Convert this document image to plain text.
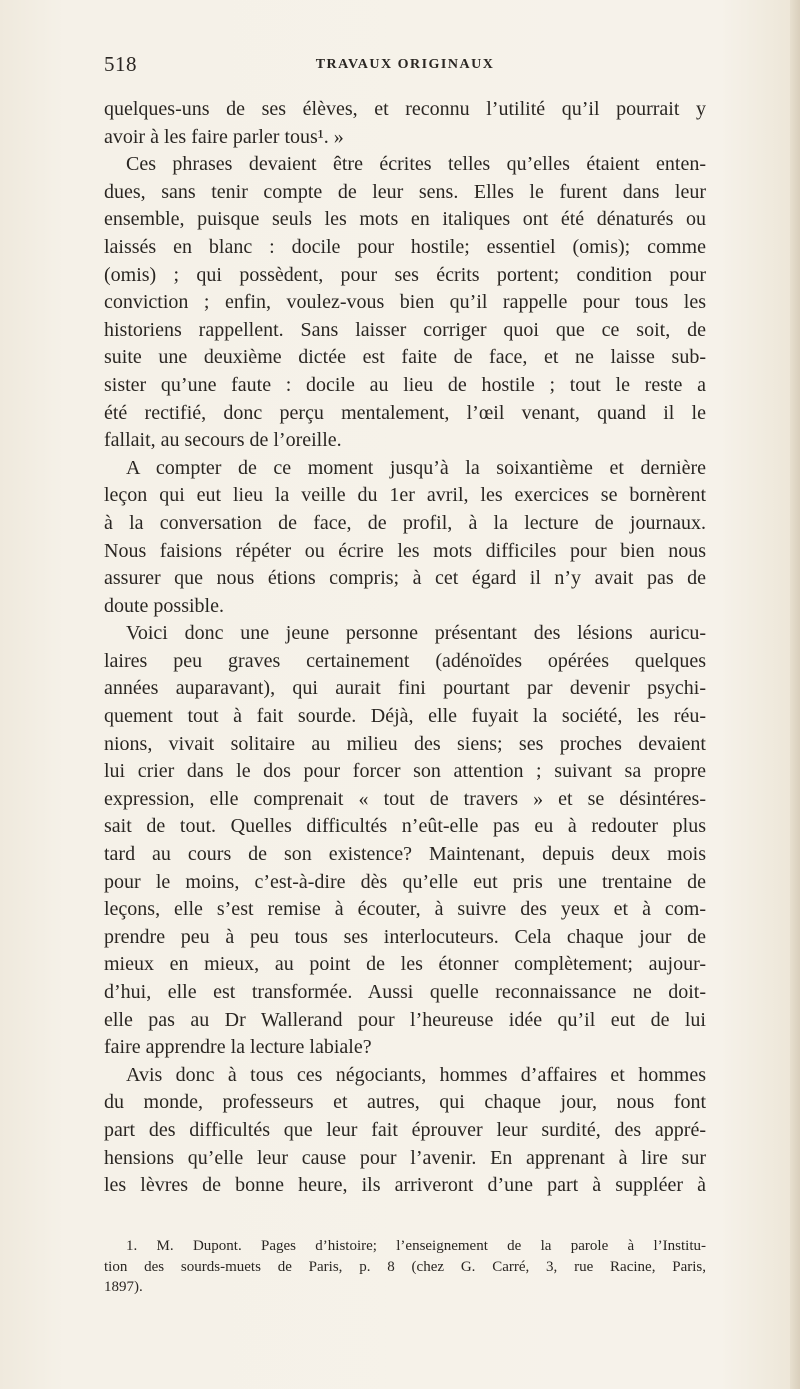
518	TRAVAUX ORIGINAUX
quelques-uns de ses élèves, et reconnu l’utilité qu’il pourrait y
avoir à les faire parler tous¹. »
Ces phrases devaient être écrites telles qu’elles étaient enten-
dues, sans tenir compte de leur sens. Elles le furent dans leur
ensemble, puisque seuls les mots en italiques ont été dénaturés ou
laissés en blanc : docile pour hostile; essentiel (omis); comme
(omis) ; qui possèdent, pour ses écrits portent; condition pour
conviction ; enfin, voulez-vous bien qu’il rappelle pour tous les
historiens rappellent. Sans laisser corriger quoi que ce soit, de
suite une deuxième dictée est faite de face, et ne laisse sub-
sister qu’une faute : docile au lieu de hostile ; tout le reste a
été rectifié, donc perçu mentalement, l’œil venant, quand il le
fallait, au secours de l’oreille.
A compter de ce moment jusqu’à la soixantième et dernière
leçon qui eut lieu la veille du 1er avril, les exercices se bornèrent
à la conversation de face, de profil, à la lecture de journaux.
Nous faisions répéter ou écrire les mots difficiles pour bien nous
assurer que nous étions compris; à cet égard il n’y avait pas de
doute possible.
Voici donc une jeune personne présentant des lésions auricu-
laires peu graves certainement (adénoïdes opérées quelques
années auparavant), qui aurait fini pourtant par devenir psychi-
quement tout à fait sourde. Déjà, elle fuyait la société, les réu-
nions, vivait solitaire au milieu des siens; ses proches devaient
lui crier dans le dos pour forcer son attention ; suivant sa propre
expression, elle comprenait « tout de travers » et se désintéres-
sait de tout. Quelles difficultés n’eût-elle pas eu à redouter plus
tard au cours de son existence? Maintenant, depuis deux mois
pour le moins, c’est-à-dire dès qu’elle eut pris une trentaine de
leçons, elle s’est remise à écouter, à suivre des yeux et à com-
prendre peu à peu tous ses interlocuteurs. Cela chaque jour de
mieux en mieux, au point de les étonner complètement; aujour-
d’hui, elle est transformée. Aussi quelle reconnaissance ne doit-
elle pas au Dr Wallerand pour l’heureuse idée qu’il eut de lui
faire apprendre la lecture labiale?
Avis donc à tous ces négociants, hommes d’affaires et hommes
du monde, professeurs et autres, qui chaque jour, nous font
part des difficultés que leur fait éprouver leur surdité, des appré-
hensions qu’elle leur cause pour l’avenir. En apprenant à lire sur
les lèvres de bonne heure, ils arriveront d’une part à suppléer à
1. M. Dupont. Pages d’histoire; l’enseignement de la parole à l’Institu-
tion des sourds-muets de Paris, p. 8 (chez G. Carré, 3, rue Racine, Paris,
1897).
